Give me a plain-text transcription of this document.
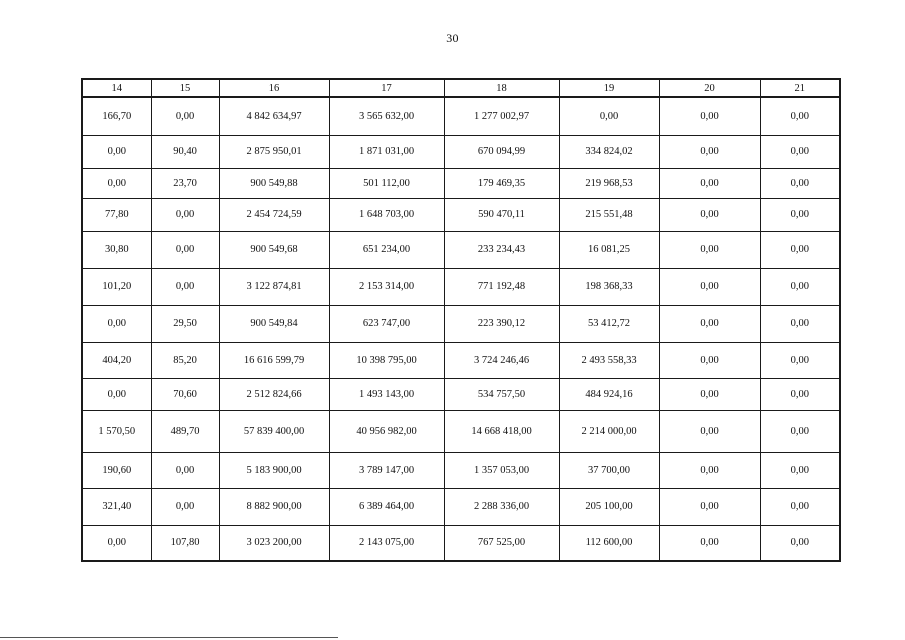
30
14	15	16	17	18	19	20	21
166,70	0,00	4 842 634,97	3 565 632,00	1 277 002,97	0,00	0,00	0,00
0,00	90,40	2 875 950,01	1 871 031,00	670 094,99	334 824,02	0,00	0,00
0,00	23,70	900 549,88	501 112,00	179 469,35	219 968,53	0,00	0,00
77,80	0,00	2 454 724,59	1 648 703,00	590 470,11	215 551,48	0,00	0,00
30,80	0,00	900 549,68	651 234,00	233 234,43	16 081,25	0,00	0,00
101,20	0,00	3 122 874,81	2 153 314,00	771 192,48	198 368,33	0,00	0,00
0,00	29,50	900 549,84	623 747,00	223 390,12	53 412,72	0,00	0,00
404,20	85,20	16 616 599,79	10 398 795,00	3 724 246,46	2 493 558,33	0,00	0,00
0,00	70,60	2 512 824,66	1 493 143,00	534 757,50	484 924,16	0,00	0,00
1 570,50	489,70	57 839 400,00	40 956 982,00	14 668 418,00	2 214 000,00	0,00	0,00
190,60	0,00	5 183 900,00	3 789 147,00	1 357 053,00	37 700,00	0,00	0,00
321,40	0,00	8 882 900,00	6 389 464,00	2 288 336,00	205 100,00	0,00	0,00
0,00	107,80	3 023 200,00	2 143 075,00	767 525,00	112 600,00	0,00	0,00
